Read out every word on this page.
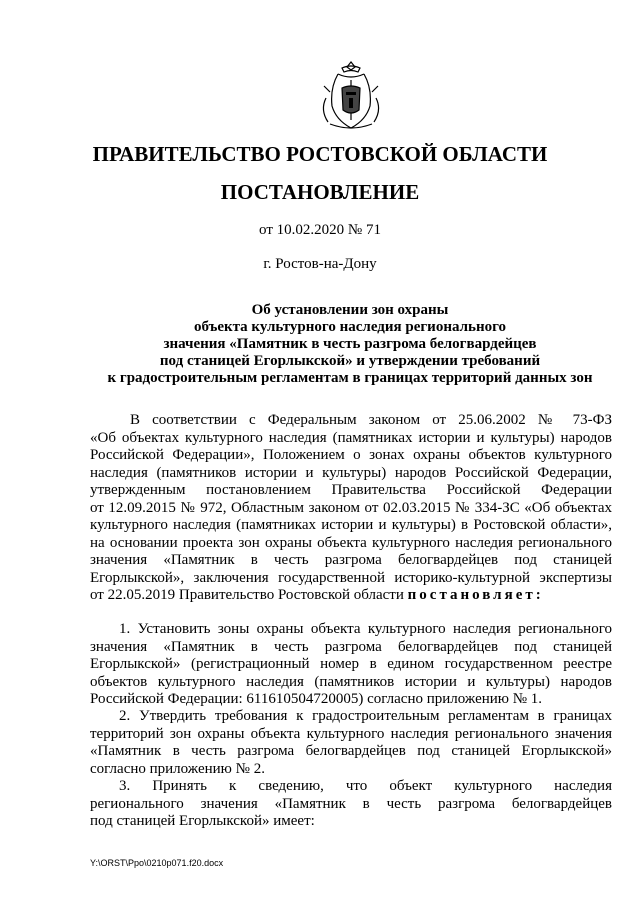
ПРАВИТЕЛЬСТВО РОСТОВСКОЙ ОБЛАСТИ
ПОСТАНОВЛЕНИЕ
от 10.02.2020 № 71
г. Ростов-на-Дону
Об установлении зон охраны
объекта культурного наследия регионального
значения «Памятник в честь разгрома белогвардейцев
под станицей Егорлыкской» и утверждении требований
к градостроительным регламентам в границах территорий данных зон
В соответствии с Федеральным законом от 25.06.2002 № 73-ФЗ
«Об объектах культурного наследия (памятниках истории и культуры) народов
Российской Федерации», Положением о зонах охраны объектов культурного
наследия (памятников истории и культуры) народов Российской Федерации,
утвержденным постановлением Правительства Российской Федерации
от 12.09.2015 № 972, Областным законом от 02.03.2015 № 334-ЗС «Об объектах
культурного наследия (памятниках истории и культуры) в Ростовской области»,
на основании проекта зон охраны объекта культурного наследия регионального
значения «Памятник в честь разгрома белогвардейцев под станицей
Егорлыкской», заключения государственной историко-культурной экспертизы
от 22.05.2019 Правительство Ростовской области постановляет:
1. Установить зоны охраны объекта культурного наследия регионального
значения «Памятник в честь разгрома белогвардейцев под станицей
Егорлыкской» (регистрационный номер в едином государственном реестре
объектов культурного наследия (памятников истории и культуры) народов
Российской Федерации: 611610504720005) согласно приложению № 1.
2. Утвердить требования к градостроительным регламентам в границах
территорий зон охраны объекта культурного наследия регионального значения
«Памятник в честь разгрома белогвардейцев под станицей Егорлыкской»
согласно приложению № 2.
3. Принять к сведению, что объект культурного наследия
регионального значения «Памятник в честь разгрома белогвардейцев
под станицей Егорлыкской» имеет:
Y:\ORST\Ppo\0210p071.f20.docx
